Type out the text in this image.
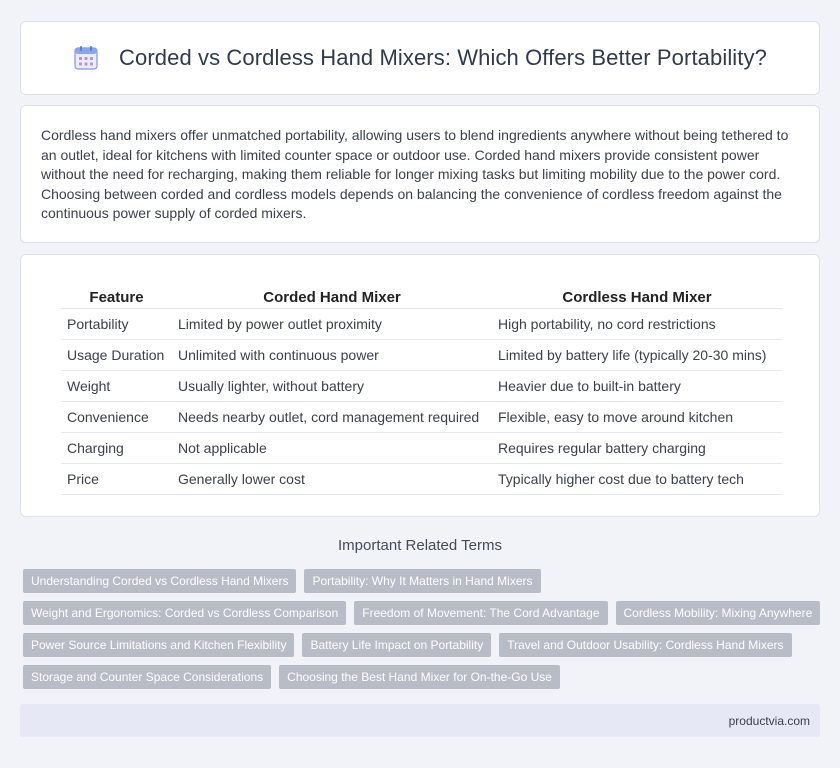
Corded vs Cordless Hand Mixers: Which Offers Better Portability?

Cordless hand mixers offer unmatched portability, allowing users to blend ingredients anywhere without being tethered to an outlet, ideal for kitchens with limited counter space or outdoor use. Corded hand mixers provide consistent power without the need for recharging, making them reliable for longer mixing tasks but limiting mobility due to the power cord. Choosing between corded and cordless models depends on balancing the convenience of cordless freedom against the continuous power supply of corded mixers.

Feature	Corded Hand Mixer	Cordless Hand Mixer
Portability	Limited by power outlet proximity	High portability, no cord restrictions
Usage Duration	Unlimited with continuous power	Limited by battery life (typically 20-30 mins)
Weight	Usually lighter, without battery	Heavier due to built-in battery
Convenience	Needs nearby outlet, cord management required	Flexible, easy to move around kitchen
Charging	Not applicable	Requires regular battery charging
Price	Generally lower cost	Typically higher cost due to battery tech
Important Related Terms
Understanding Corded vs Cordless Hand Mixers	Portability: Why It Matters in Hand Mixers
Weight and Ergonomics: Corded vs Cordless Comparison	Freedom of Movement: The Cord Advantage	Cordless Mobility: Mixing Anywhere
Power Source Limitations and Kitchen Flexibility	Battery Life Impact on Portability	Travel and Outdoor Usability: Cordless Hand Mixers
Storage and Counter Space Considerations	Choosing the Best Hand Mixer for On-the-Go Use
productvia.com
